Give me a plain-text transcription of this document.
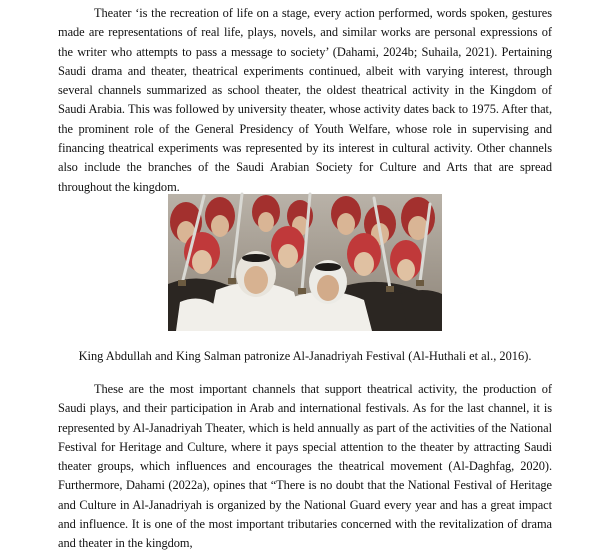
Theater ‘is the recreation of life on a stage, every action performed, words spoken, gestures made are representations of real life, plays, novels, and similar works are personal expressions of the writer who attempts to pass a message to society’ (Dahami, 2024b; Suhaila, 2021). Pertaining Saudi drama and theater, theatrical experiments continued, albeit with varying interest, through several channels summarized as school theater, the oldest theatrical activity in the Kingdom of Saudi Arabia. This was followed by university theater, whose activity dates back to 1975. After that, the prominent role of the General Presidency of Youth Welfare, whose role in supervising and financing theatrical experiments was represented by its interest in cultural activity. Other channels also include the branches of the Saudi Arabian Society for Culture and Arts that are spread throughout the kingdom.

King Abdullah and King Salman patronize Al-Janadriyah Festival (Al-Huthali et al., 2016).

These are the most important channels that support theatrical activity, the production of Saudi plays, and their participation in Arab and international festivals. As for the last channel, it is represented by Al-Janadriyah Theater, which is held annually as part of the activities of the National Festival for Heritage and Culture, where it pays special attention to the theater by attracting Saudi theater groups, which influences and encourages the theatrical movement (Al-Daghfag, 2020). Furthermore, Dahami (2022a), opines that “There is no doubt that the National Festival of Heritage and Culture in Al-Janadriyah is organized by the National Guard every year and has a great impact and influence. It is one of the most important tributaries concerned with the revitalization of drama and theater in the kingdom,
